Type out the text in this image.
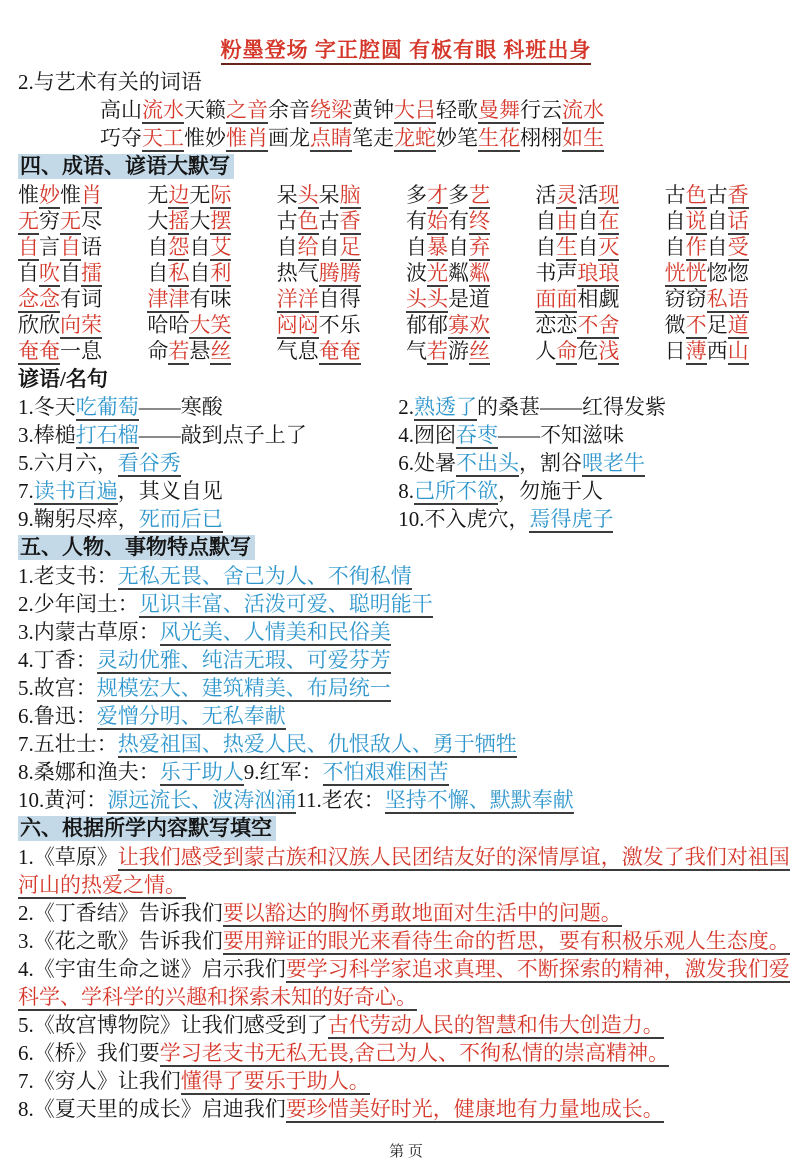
粉墨登场 字正腔圆 有板有眼 科班出身
2.与艺术有关的词语
高山流水天籁之音余音绕梁黄钟大吕轻歌曼舞行云流水
巧夺天工惟妙惟肖画龙点睛笔走龙蛇妙笔生花栩栩如生
四、成语、谚语大默写
惟妙惟肖	无边无际	呆头呆脑	多才多艺	活灵活现	古色古香
无穷无尽	大摇大摆	古色古香	有始有终	自由自在	自说自话
自言自语	自怨自艾	自给自足	自暴自弃	自生自灭	自作自受
自吹自擂	自私自利	热气腾腾	波光粼粼	书声琅琅	恍恍惚惚
念念有词	津津有味	洋洋自得	头头是道	面面相觑	窃窃私语
欣欣向荣	哈哈大笑	闷闷不乐	郁郁寡欢	恋恋不舍	微不足道
奄奄一息	命若悬丝	气息奄奄	气若游丝	人命危浅	日薄西山
谚语/名句
1.冬天吃葡萄——寒酸
3.棒槌打石榴——敲到点子上了
5.六月六，看谷秀
7.读书百遍，其义自见
9.鞠躬尽瘁，死而后已
2.熟透了的桑葚——红得发紫
4.囫囵吞枣——不知滋味
6.处暑不出头，割谷喂老牛
8.己所不欲，勿施于人
10.不入虎穴，焉得虎子
五、人物、事物特点默写
1.老支书：无私无畏、舍己为人、不徇私情
2.少年闰土：见识丰富、活泼可爱、聪明能干
3.内蒙古草原：风光美、人情美和民俗美
4.丁香：灵动优雅、纯洁无瑕、可爱芬芳
5.故宫：规模宏大、建筑精美、布局统一
6.鲁迅：爱憎分明、无私奉献
7.五壮士：热爱祖国、热爱人民、仇恨敌人、勇于牺牲
8.桑娜和渔夫：乐于助人9.红军：不怕艰难困苦
10.黄河：源远流长、波涛汹涌11.老农：坚持不懈、默默奉献
六、根据所学内容默写填空
1.《草原》让我们感受到蒙古族和汉族人民团结友好的深情厚谊，激发了我们对祖国河山的热爱之情。
2.《丁香结》告诉我们要以豁达的胸怀勇敢地面对生活中的问题。
3.《花之歌》告诉我们要用辩证的眼光来看待生命的哲思，要有积极乐观人生态度。
4.《宇宙生命之谜》启示我们要学习科学家追求真理、不断探索的精神，激发我们爱科学、学科学的兴趣和探索未知的好奇心。
5.《故宫博物院》让我们感受到了古代劳动人民的智慧和伟大创造力。
6.《桥》我们要学习老支书无私无畏,舍己为人、不徇私情的崇高精神。
7.《穷人》让我们懂得了要乐于助人。
8.《夏天里的成长》启迪我们要珍惜美好时光，健康地有力量地成长。
第 页
